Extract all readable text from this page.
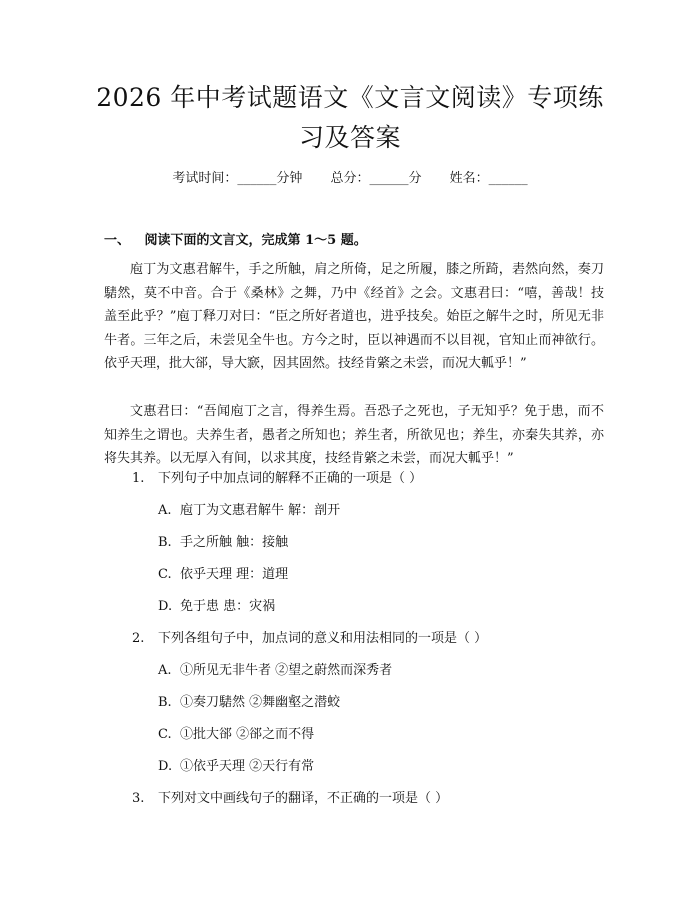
2026 年中考试题语文《文言文阅读》专项练
习及答案
考试时间：______分钟 总分：______分 姓名：______
一、 阅读下面的文言文，完成第 1～5 题。
庖丁为文惠君解牛，手之所触，肩之所倚，足之所履，膝之所踦，砉然向然，奏刀騞然，莫不中音。合于《桑林》之舞，乃中《经首》之会。文惠君曰：“嘻，善哉！技盖至此乎？”庖丁释刀对曰：“臣之所好者道也，进乎技矣。始臣之解牛之时，所见无非牛者。三年之后，未尝见全牛也。方今之时，臣以神遇而不以目视，官知止而神欲行。依乎天理，批大郤，导大窾，因其固然。技经肯綮之未尝，而况大軱乎！”
文惠君曰：“吾闻庖丁之言，得养生焉。吾恐子之死也，子无知乎？免于患，而不知养生之谓也。夫养生者，愚者之所知也；养生者，所欲见也；养生，亦秦失其养，亦将失其养。以无厚入有间，以求其度，技经肯綮之未尝，而况大軱乎！”
1. 下列句子中加点词的解释不正确的一项是（ ）
A. 庖丁为文惠君解牛 解：剖开
B. 手之所触 触：接触
C. 依乎天理 理：道理
D. 免于患 患：灾祸
2. 下列各组句子中，加点词的意义和用法相同的一项是（ ）
A. ①所见无非牛者 ②望之蔚然而深秀者
B. ①奏刀騞然 ②舞幽壑之潜蛟
C. ①批大郤 ②郤之而不得
D. ①依乎天理 ②天行有常
3. 下列对文中画线句子的翻译，不正确的一项是（ ）
